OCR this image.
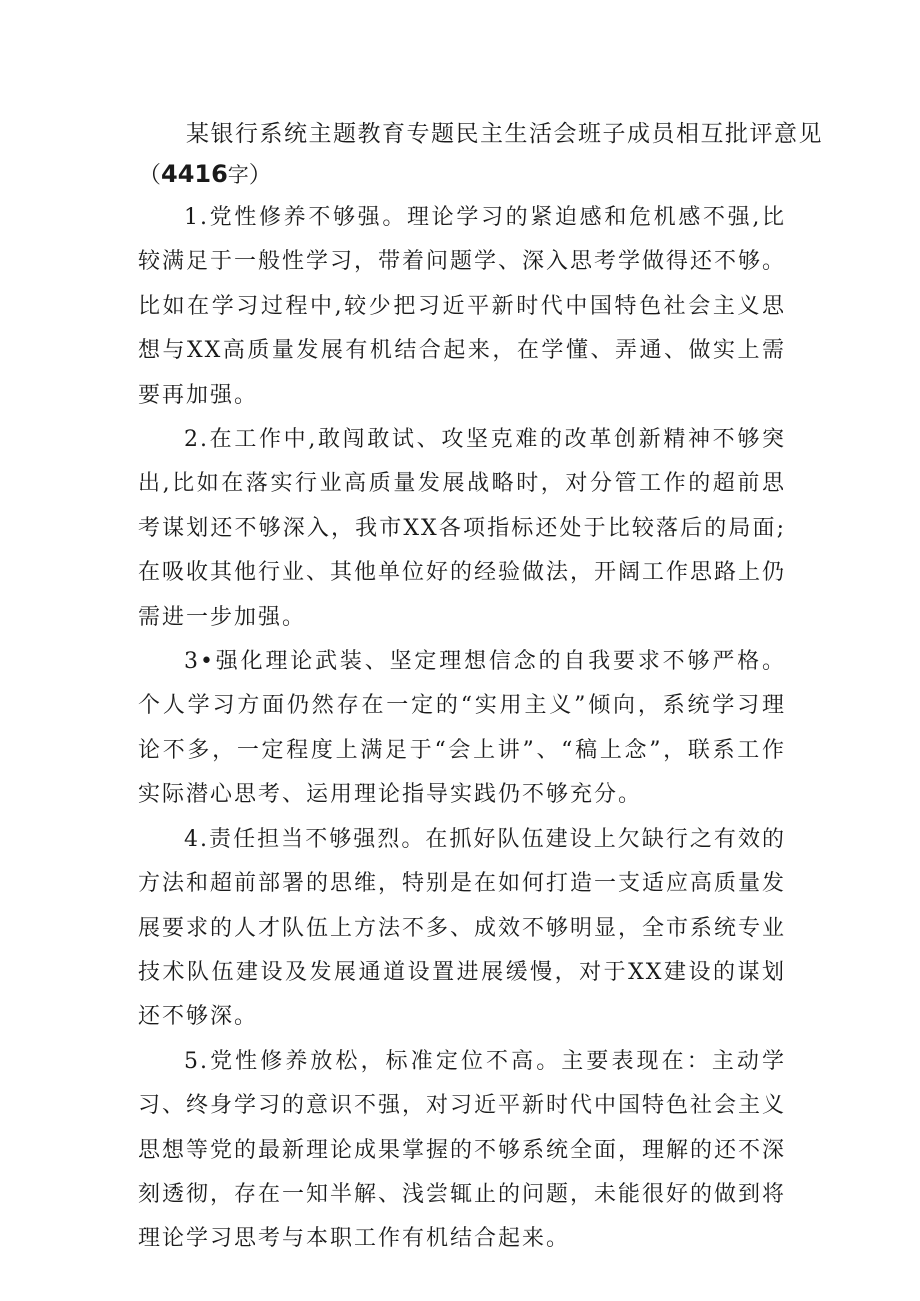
某银行系统主题教育专题民主生活会班子成员相互批评意见
（4416字）

1.党性修养不够强。理论学习的紧迫感和危机感不强,比较满足于一般性学习，带着问题学、深入思考学做得还不够。比如在学习过程中,较少把习近平新时代中国特色社会主义思想与XX高质量发展有机结合起来，在学懂、弄通、做实上需要再加强。

2.在工作中,敢闯敢试、攻坚克难的改革创新精神不够突出,比如在落实行业高质量发展战略时，对分管工作的超前思考谋划还不够深入，我市XX各项指标还处于比较落后的局面;在吸收其他行业、其他单位好的经验做法，开阔工作思路上仍需进一步加强。

3•强化理论武装、坚定理想信念的自我要求不够严格。个人学习方面仍然存在一定的“实用主义”倾向，系统学习理论不多，一定程度上满足于“会上讲”、“稿上念”，联系工作实际潜心思考、运用理论指导实践仍不够充分。

4.责任担当不够强烈。在抓好队伍建设上欠缺行之有效的方法和超前部署的思维，特别是在如何打造一支适应高质量发展要求的人才队伍上方法不多、成效不够明显，全市系统专业技术队伍建设及发展通道设置进展缓慢，对于XX建设的谋划还不够深。

5.党性修养放松，标准定位不高。主要表现在：主动学习、终身学习的意识不强，对习近平新时代中国特色社会主义思想等党的最新理论成果掌握的不够系统全面，理解的还不深刻透彻，存在一知半解、浅尝辄止的问题，未能很好的做到将理论学习思考与本职工作有机结合起来。
